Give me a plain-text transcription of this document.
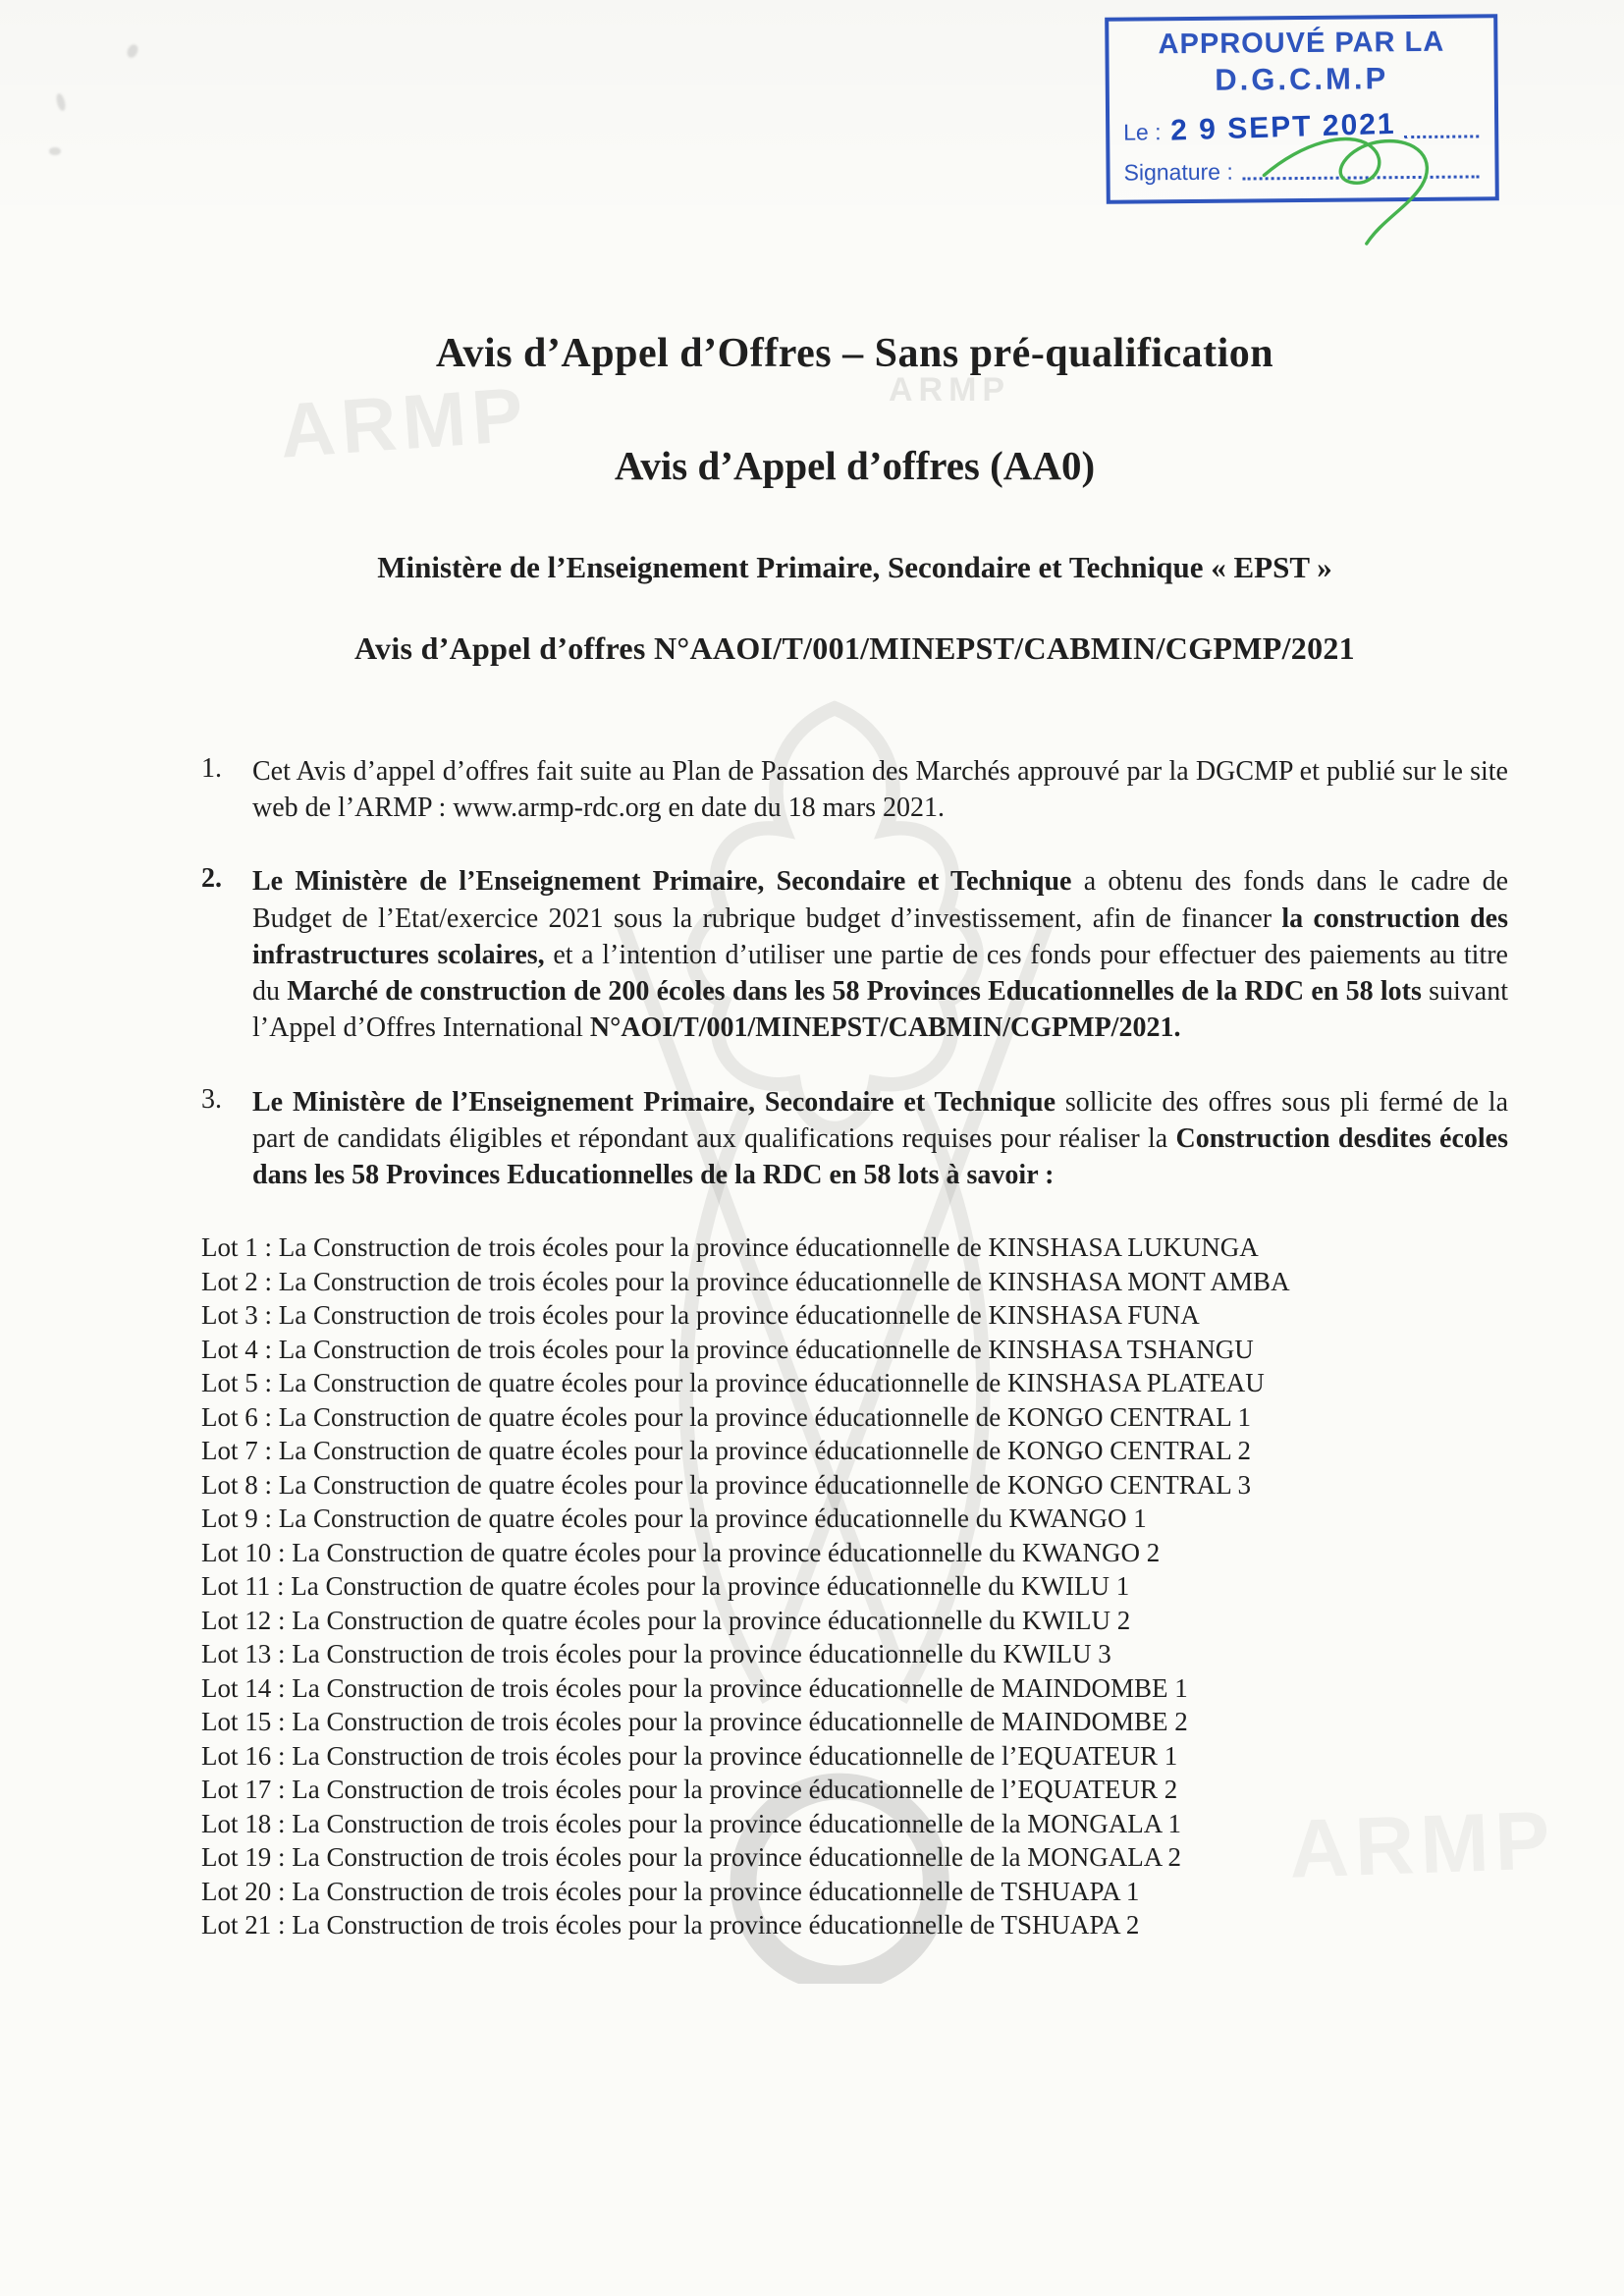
ARMP	ARMP
ARMP
APPROUVÉ PAR LA
D.G.C.M.P
Le : 2 9 SEPT 2021
Signature :
Avis d’Appel d’Offres – Sans pré-qualification
Avis d’Appel d’offres (AA0)
Ministère de l’Enseignement Primaire, Secondaire et Technique « EPST »
Avis d’Appel d’offres N°AAOI/T/001/MINEPST/CABMIN/CGPMP/2021
1.	Cet Avis d’appel d’offres fait suite au Plan de Passation des Marchés approuvé par la DGCMP et publié sur le site web de l’ARMP : www.armp-rdc.org en date du 18 mars 2021.
2.	Le Ministère de l’Enseignement Primaire, Secondaire et Technique a obtenu des fonds dans le cadre de Budget de l’Etat/exercice 2021 sous la rubrique budget d’investissement, afin de financer la construction des infrastructures scolaires, et a l’intention d’utiliser une partie de ces fonds pour effectuer des paiements au titre du Marché de construction de 200 écoles dans les 58 Provinces Educationnelles de la RDC en 58 lots suivant l’Appel d’Offres International N°AOI/T/001/MINEPST/CABMIN/CGPMP/2021.
3.	Le Ministère de l’Enseignement Primaire, Secondaire et Technique sollicite des offres sous pli fermé de la part de candidats éligibles et répondant aux qualifications requises pour réaliser la Construction desdites écoles dans les 58 Provinces Educationnelles de la RDC en 58 lots à savoir :
Lot 1 : La Construction de trois écoles pour la province éducationnelle de KINSHASA LUKUNGA
Lot 2 : La Construction de trois écoles pour la province éducationnelle de KINSHASA MONT AMBA
Lot 3 : La Construction de trois écoles pour la province éducationnelle de KINSHASA FUNA
Lot 4 : La Construction de trois écoles pour la province éducationnelle de KINSHASA TSHANGU
Lot 5 : La Construction de quatre écoles pour la province éducationnelle de KINSHASA PLATEAU
Lot 6 : La Construction de quatre écoles pour la province éducationnelle de KONGO CENTRAL 1
Lot 7 : La Construction de quatre écoles pour la province éducationnelle de KONGO CENTRAL 2
Lot 8 : La Construction de quatre écoles pour la province éducationnelle de KONGO CENTRAL 3
Lot 9 : La Construction de quatre écoles pour la province éducationnelle du KWANGO 1
Lot 10 : La Construction de quatre écoles pour la province éducationnelle du KWANGO 2
Lot 11 : La Construction de quatre écoles pour la province éducationnelle du KWILU 1
Lot 12 : La Construction de quatre écoles pour la province éducationnelle du KWILU 2
Lot 13 : La Construction de trois écoles pour la province éducationnelle du KWILU 3
Lot 14 : La Construction de trois écoles pour la province éducationnelle de MAINDOMBE 1
Lot 15 : La Construction de trois écoles pour la province éducationnelle de MAINDOMBE 2
Lot 16 : La Construction de trois écoles pour la province éducationnelle de l’EQUATEUR 1
Lot 17 : La Construction de trois écoles pour la province éducationnelle de l’EQUATEUR 2
Lot 18 : La Construction de trois écoles pour la province éducationnelle de la MONGALA 1
Lot 19 : La Construction de trois écoles pour la province éducationnelle de la MONGALA 2
Lot 20 : La Construction de trois écoles pour la province éducationnelle de TSHUAPA 1
Lot 21 : La Construction de trois écoles pour la province éducationnelle de TSHUAPA 2
